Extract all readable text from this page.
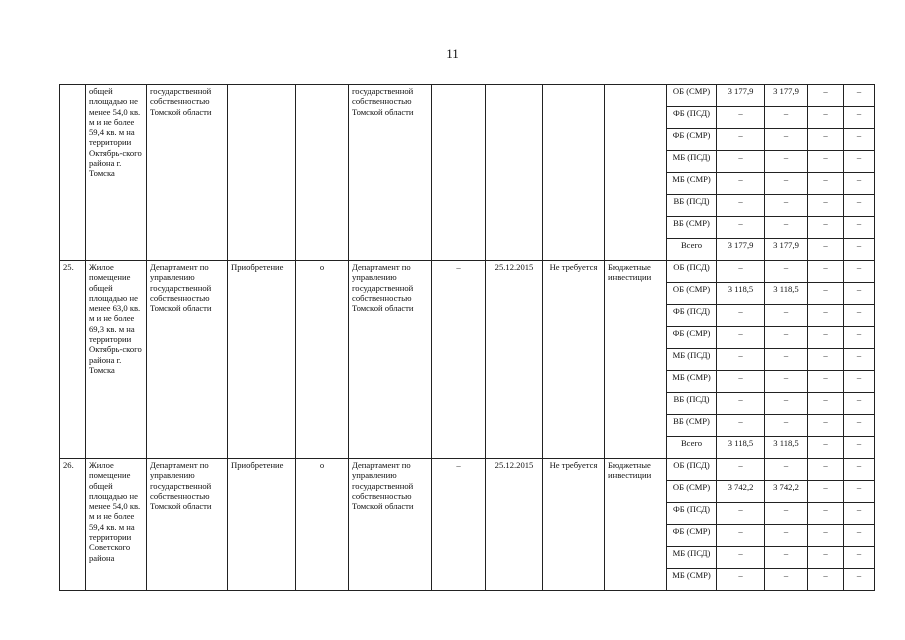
11
	общей площадью не менее 54,0 кв. м и не более 59,4 кв. м на территории Октябрь-ского района г. Томска	государственной собственностью Томской области			государственной собственностью Томской области					ОБ (СМР)	3 177,9	3 177,9	–	–
										ФБ (ПСД)	–	–	–	–
										ФБ (СМР)	–	–	–	–
										МБ (ПСД)	–	–	–	–
										МБ (СМР)	–	–	–	–
										ВБ (ПСД)	–	–	–	–
										ВБ (СМР)	–	–	–	–
										Всего	3 177,9	3 177,9	–	–
25.	Жилое помещение общей площадью не менее 63,0 кв. м и не более 69,3 кв. м на территории Октябрь-ского района г. Томска	Департамент по управлению государственной собственностью Томской области	Приобретение	о	Департамент по управлению государственной собственностью Томской области	–	25.12.2015	Не требуется	Бюджетные инвестиции	ОБ (ПСД)	–	–	–	–
										ОБ (СМР)	3 118,5	3 118,5	–	–
										ФБ (ПСД)	–	–	–	–
										ФБ (СМР)	–	–	–	–
										МБ (ПСД)	–	–	–	–
										МБ (СМР)	–	–	–	–
										ВБ (ПСД)	–	–	–	–
										ВБ (СМР)	–	–	–	–
										Всего	3 118,5	3 118,5	–	–
26.	Жилое помещение общей площадью не менее 54,0 кв. м и не более 59,4 кв. м на территории Советского района	Департамент по управлению государственной собственностью Томской области	Приобретение	о	Департамент по управлению государственной собственностью Томской области	–	25.12.2015	Не требуется	Бюджетные инвестиции	ОБ (ПСД)	–	–	–	–
										ОБ (СМР)	3 742,2	3 742,2	–	–
										ФБ (ПСД)	–	–	–	–
										ФБ (СМР)	–	–	–	–
										МБ (ПСД)	–	–	–	–
										МБ (СМР)	–	–	–	–
